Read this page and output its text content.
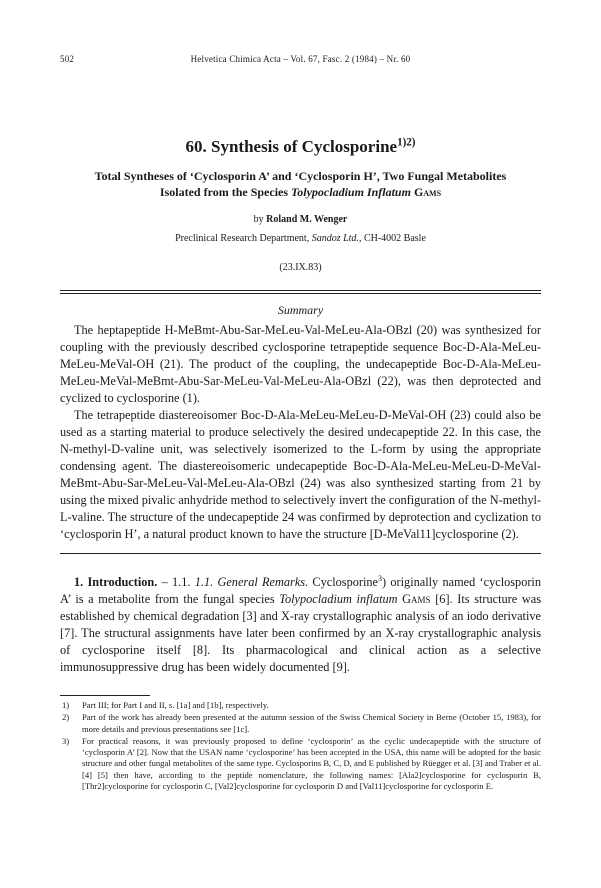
502	Helvetica Chimica Acta – Vol. 67, Fasc. 2 (1984) – Nr. 60
60. Synthesis of Cyclosporine$^{1)2)}$
Total Syntheses of ‘Cyclosporin A’ and ‘Cyclosporin H’, Two Fungal Metabolites
Isolated from the Species Tolypocladium Inflatum Gams
by Roland M. Wenger
Preclinical Research Department, Sandoz Ltd., CH-4002 Basle
(23.IX.83)
Summary

The heptapeptide H-MeBmt-Abu-Sar-MeLeu-Val-MeLeu-Ala-OBzl (20) was synthesized for coupling with the previously described cyclosporine tetrapeptide sequence Boc-D-Ala-MeLeu-MeLeu-MeVal-OH (21). The product of the coupling, the undecapeptide Boc-D-Ala-MeLeu-MeLeu-MeVal-MeBmt-Abu-Sar-MeLeu-Val-MeLeu-Ala-OBzl (22), was then deprotected and cyclized to cyclosporine (1).

The tetrapeptide diastereoisomer Boc-D-Ala-MeLeu-MeLeu-D-MeVal-OH (23) could also be used as a starting material to produce selectively the desired undecapeptide 22. In this case, the N-methyl-D-valine unit, was selectively isomerized to the L-form by using the appropriate condensing agent. The diastereoisomeric undecapeptide Boc-D-Ala-MeLeu-MeLeu-D-MeVal-MeBmt-Abu-Sar-MeLeu-Val-MeLeu-Ala-OBzl (24) was also synthesized starting from 21 by using the mixed pivalic anhydride method to selectively invert the configuration of the N-methyl-L-valine. The structure of the undecapeptide 24 was confirmed by deprotection and cyclization to ‘cyclosporin H’, a natural product known to have the structure [D-MeVal11]cyclosporine (2).

1. Introduction. – 1.1. 1.1. General Remarks. Cyclosporine$^3$) originally named ‘cyclosporin A’ is a metabolite from the fungal species Tolypocladium inflatum Gams [6]. Its structure was established by chemical degradation [3] and X-ray crystallographic analysis of an iodo derivative [7]. The structural assignments have later been confirmed by an X-ray crystallographic analysis of cyclosporine itself [8]. Its pharmacological and clinical action as a selective immunosuppressive drug has been widely documented [9].

1) Part III; for Part I and II, s. [1a] and [1b], respectively.
2) Part of the work has already been presented at the autumn session of the Swiss Chemical Society in Berne (October 15, 1983), for more details and previous presentations see [1c].
3) For practical reasons, it was previously proposed to define ‘cyclosporin’ as the cyclic undecapeptide with the structure of ‘cyclosporin A’ [2]. Now that the USAN name ‘cyclosporine’ has been accepted in the USA, this name will be adopted for the basic structure and other fungal metabolites of the same type. Cyclosporins B, C, D, and E published by Rüegger et al. [3] and Traber et al. [4] [5] then have, according to the peptide nomenclature, the following names: [Ala2]cyclosporine for cyclosporin B, [Thr2]cyclosporine for cyclosporin C, [Val2]cyclosporine for cyclosporin D and [Val11]cyclosporine for cyclosporin E.
